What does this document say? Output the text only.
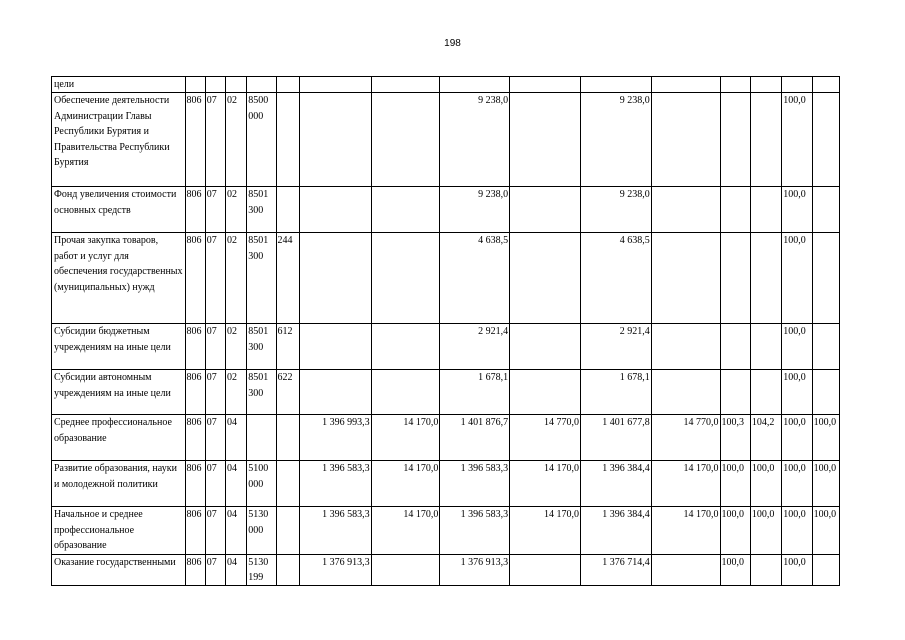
198
цели															
Обеспечение деятельности Администрации Главы Республики Бурятия и Правительства Республики Бурятия	806	07	02	8500 000				9 238,0		9 238,0				100,0	
Фонд увеличения стоимости основных средств	806	07	02	8501 300				9 238,0		9 238,0				100,0	
Прочая закупка товаров, работ и услуг для обеспечения государственных (муниципальных) нужд	806	07	02	8501 300	244			4 638,5		4 638,5				100,0	
Субсидии бюджетным учреждениям на иные цели	806	07	02	8501 300	612			2 921,4		2 921,4				100,0	
Субсидии автономным учреждениям на иные цели	806	07	02	8501 300	622			1 678,1		1 678,1				100,0	
Среднее профессиональное образование	806	07	04			1 396 993,3	14 170,0	1 401 876,7	14 770,0	1 401 677,8	14 770,0	100,3	104,2	100,0	100,0
Развитие образования, науки и молодежной политики	806	07	04	5100 000		1 396 583,3	14 170,0	1 396 583,3	14 170,0	1 396 384,4	14 170,0	100,0	100,0	100,0	100,0
Начальное и среднее профессиональное образование	806	07	04	5130 000		1 396 583,3	14 170,0	1 396 583,3	14 170,0	1 396 384,4	14 170,0	100,0	100,0	100,0	100,0
Оказание государственными	806	07	04	5130 199		1 376 913,3		1 376 913,3		1 376 714,4		100,0		100,0	
